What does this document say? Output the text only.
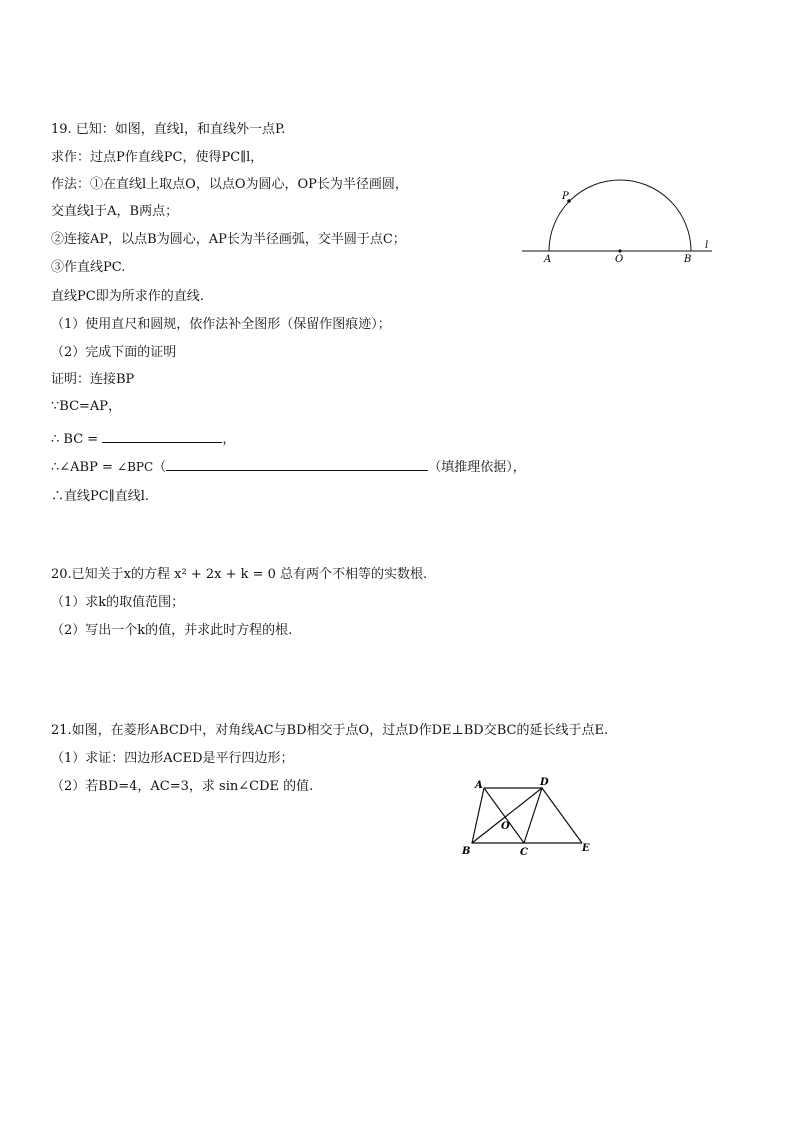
19. 已知：如图，直线l，和直线外一点P.
求作：过点P作直线PC，使得PC∥l，
作法：①在直线l上取点O，以点O为圆心，OP长为半径画圆，
交直线l于A，B两点；
②连接AP，以点B为圆心，AP长为半径画弧，交半圆于点C；
③作直线PC.
直线PC即为所求作的直线.
（1）使用直尺和圆规，依作法补全图形（保留作图痕迹）；
（2）完成下面的证明
证明：连接BP
∵BC=AP，
∴ BC =	，
∴∠ABP = ∠BPC（	（填推理依据），
∴直线PC∥直线l.
P
A	O	B
l
20.已知关于x的方程 x² + 2x + k = 0 总有两个不相等的实数根.
（1）求k的取值范围；
（2）写出一个k的值，并求此时方程的根.
21.如图，在菱形ABCD中，对角线AC与BD相交于点O，过点D作DE⊥BD交BC的延长线于点E.
（1）求证：四边形ACED是平行四边形；
（2）若BD=4，AC=3，求 sin∠CDE 的值.	A	D
O
B	C	E
